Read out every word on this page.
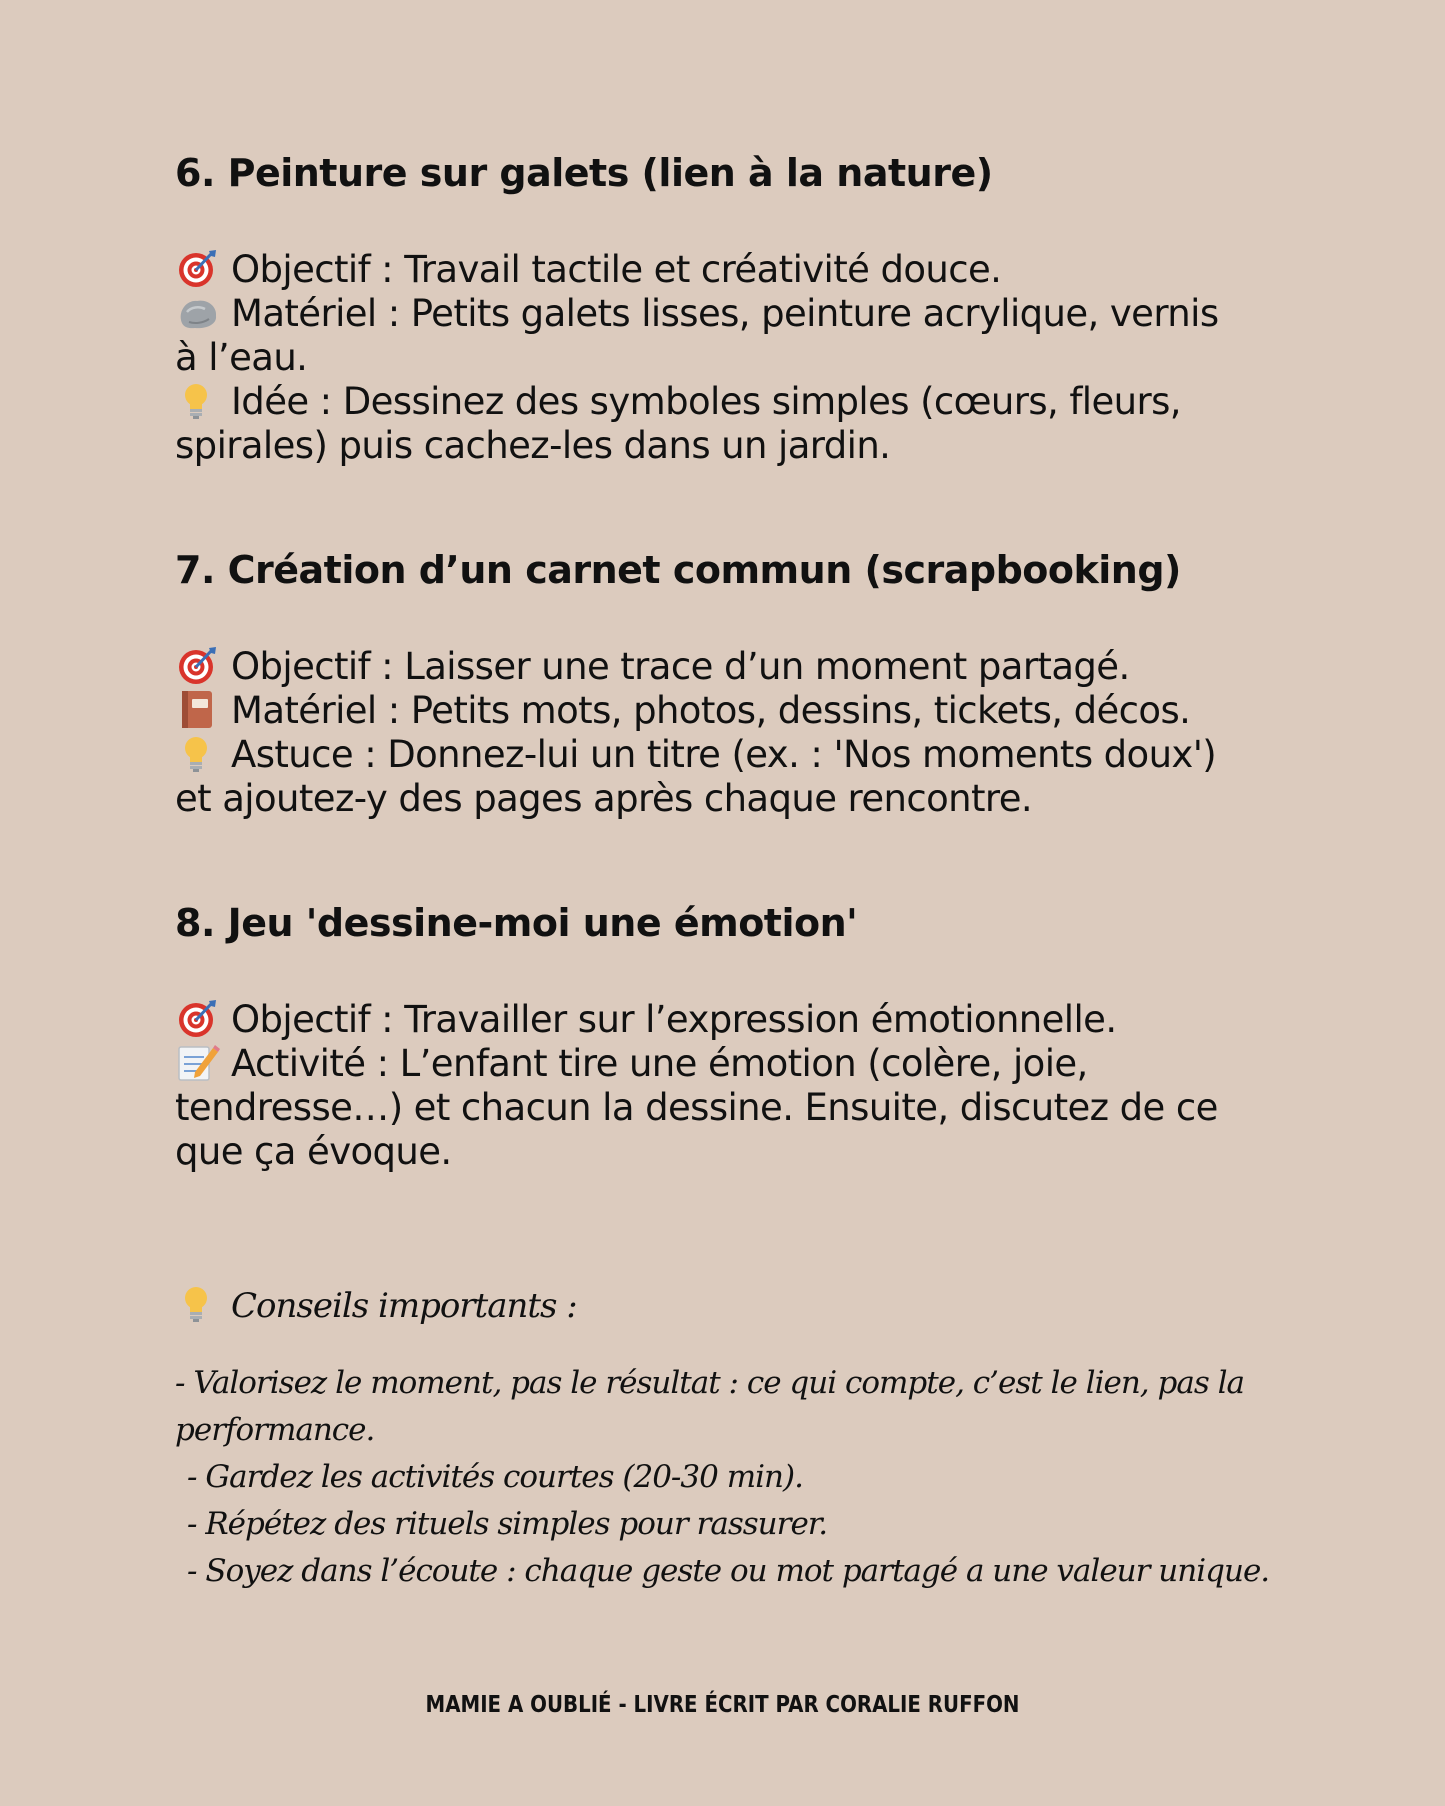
6. Peinture sur galets (lien à la nature)
Objectif : Travail tactile et créativité douce.
Matériel : Petits galets lisses, peinture acrylique, vernis
à l’eau.
Idée : Dessinez des symboles simples (cœurs, fleurs,
spirales) puis cachez-les dans un jardin.
7. Création d’un carnet commun (scrapbooking)
Objectif : Laisser une trace d’un moment partagé.
Matériel : Petits mots, photos, dessins, tickets, décos.
Astuce : Donnez-lui un titre (ex. : 'Nos moments doux')
et ajoutez-y des pages après chaque rencontre.
8. Jeu 'dessine-moi une émotion'
Objectif : Travailler sur l’expression émotionnelle.
Activité : L’enfant tire une émotion (colère, joie,
tendresse…) et chacun la dessine. Ensuite, discutez de ce
que ça évoque.
Conseils importants :
- Valorisez le moment, pas le résultat : ce qui compte, c’est le lien, pas la
performance.
- Gardez les activités courtes (20-30 min).
- Répétez des rituels simples pour rassurer.
- Soyez dans l’écoute : chaque geste ou mot partagé a une valeur unique.
MAMIE A OUBLIÉ - LIVRE ÉCRIT PAR CORALIE RUFFON
